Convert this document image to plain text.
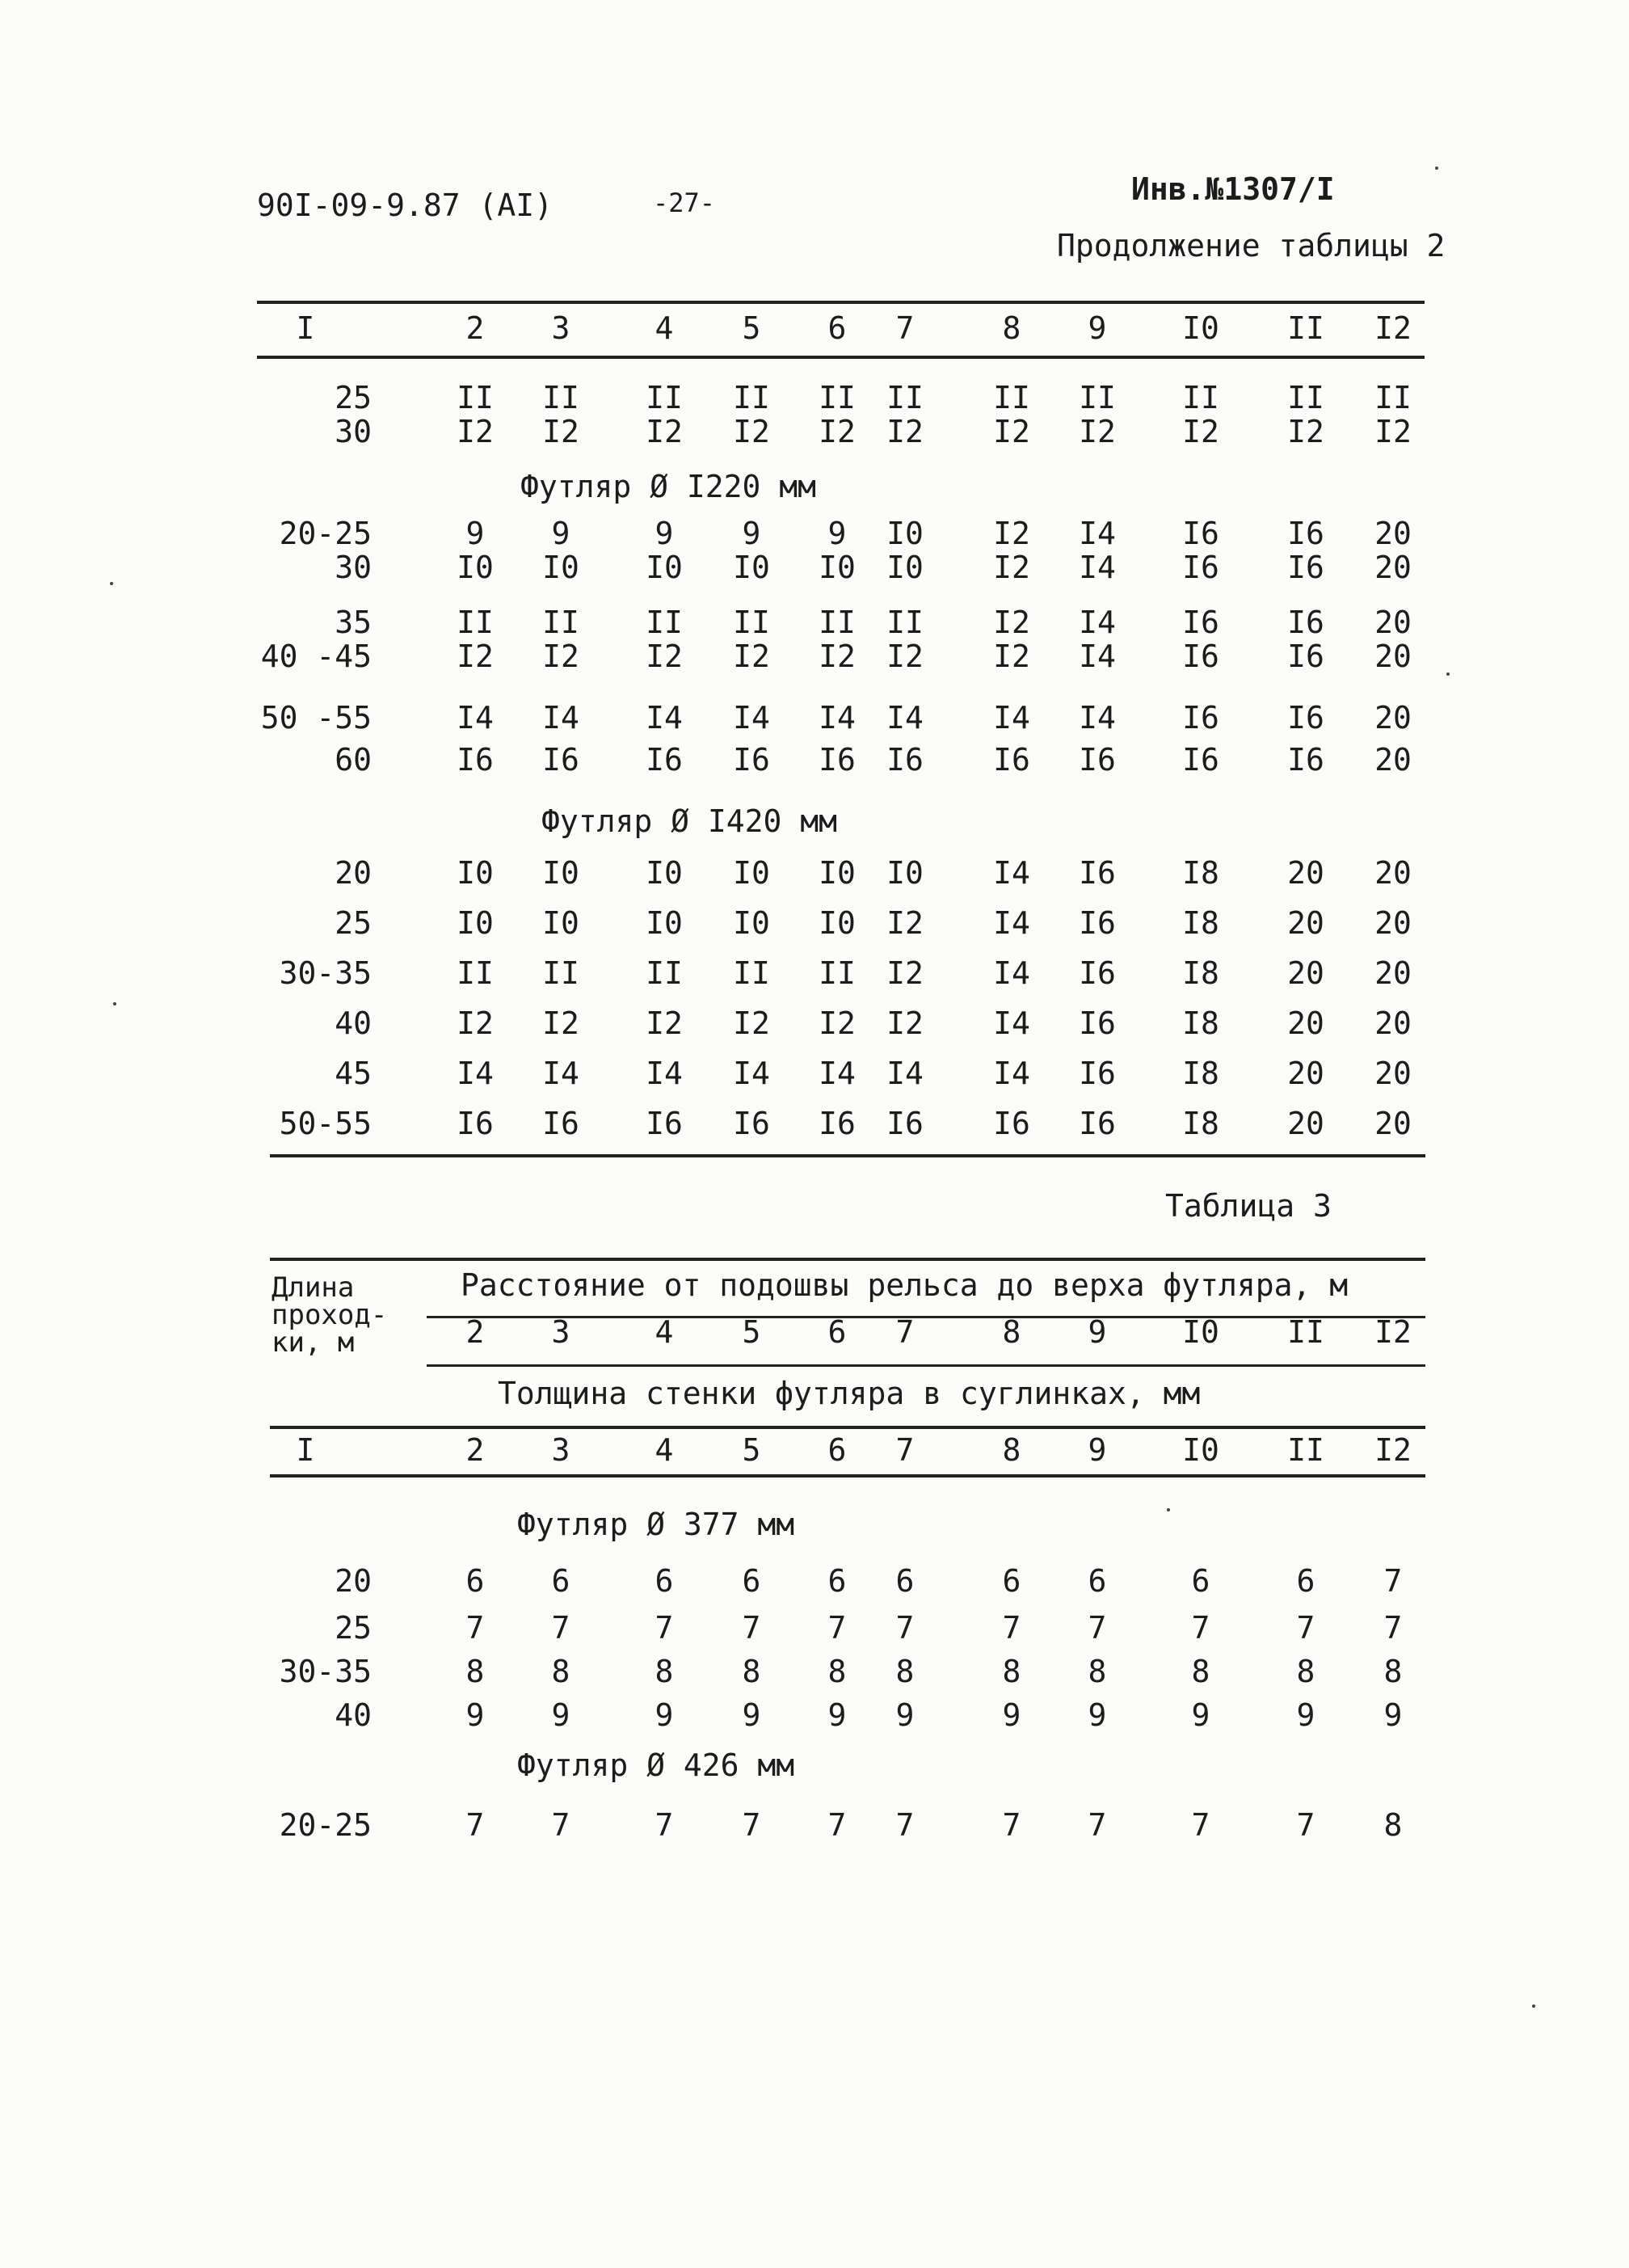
90I-09-9.87 (AI)	-27-	Инв.№1307/I
Продолжение таблицы 2
I	2	3	4	5	6	7	8	9	I0	II	I2
25	II	II	II	II	II	II	II	II	II	II	II
30	I2	I2	I2	I2	I2	I2	I2	I2	I2	I2	I2
Футляр Ø I220 мм
20-25	9	9	9	9	9	I0	I2	I4	I6	I6	20
30	I0	I0	I0	I0	I0	I0	I2	I4	I6	I6	20
35	II	II	II	II	II	II	I2	I4	I6	I6	20
40 -45	I2	I2	I2	I2	I2	I2	I2	I4	I6	I6	20
50 -55	I4	I4	I4	I4	I4	I4	I4	I4	I6	I6	20
60	I6	I6	I6	I6	I6	I6	I6	I6	I6	I6	20
Футляр Ø I420 мм
20	I0	I0	I0	I0	I0	I0	I4	I6	I8	20	20
25	I0	I0	I0	I0	I0	I2	I4	I6	I8	20	20
30-35	II	II	II	II	II	I2	I4	I6	I8	20	20
40	I2	I2	I2	I2	I2	I2	I4	I6	I8	20	20
45	I4	I4	I4	I4	I4	I4	I4	I6	I8	20	20
50-55	I6	I6	I6	I6	I6	I6	I6	I6	I8	20	20
Таблица 3
Длина
проход-
ки, м
Расстояние от подошвы рельса до верха футляра, м
2	3	4	5	6	7	8	9	I0	II	I2
Толщина стенки футляра в суглинках, мм
I	2	3	4	5	6	7	8	9	I0	II	I2
Футляр Ø 377 мм
20	6	6	6	6	6	6	6	6	6	6	7
25	7	7	7	7	7	7	7	7	7	7	7
30-35	8	8	8	8	8	8	8	8	8	8	8
40	9	9	9	9	9	9	9	9	9	9	9
Футляр Ø 426 мм
20-25	7	7	7	7	7	7	7	7	7	7	8
